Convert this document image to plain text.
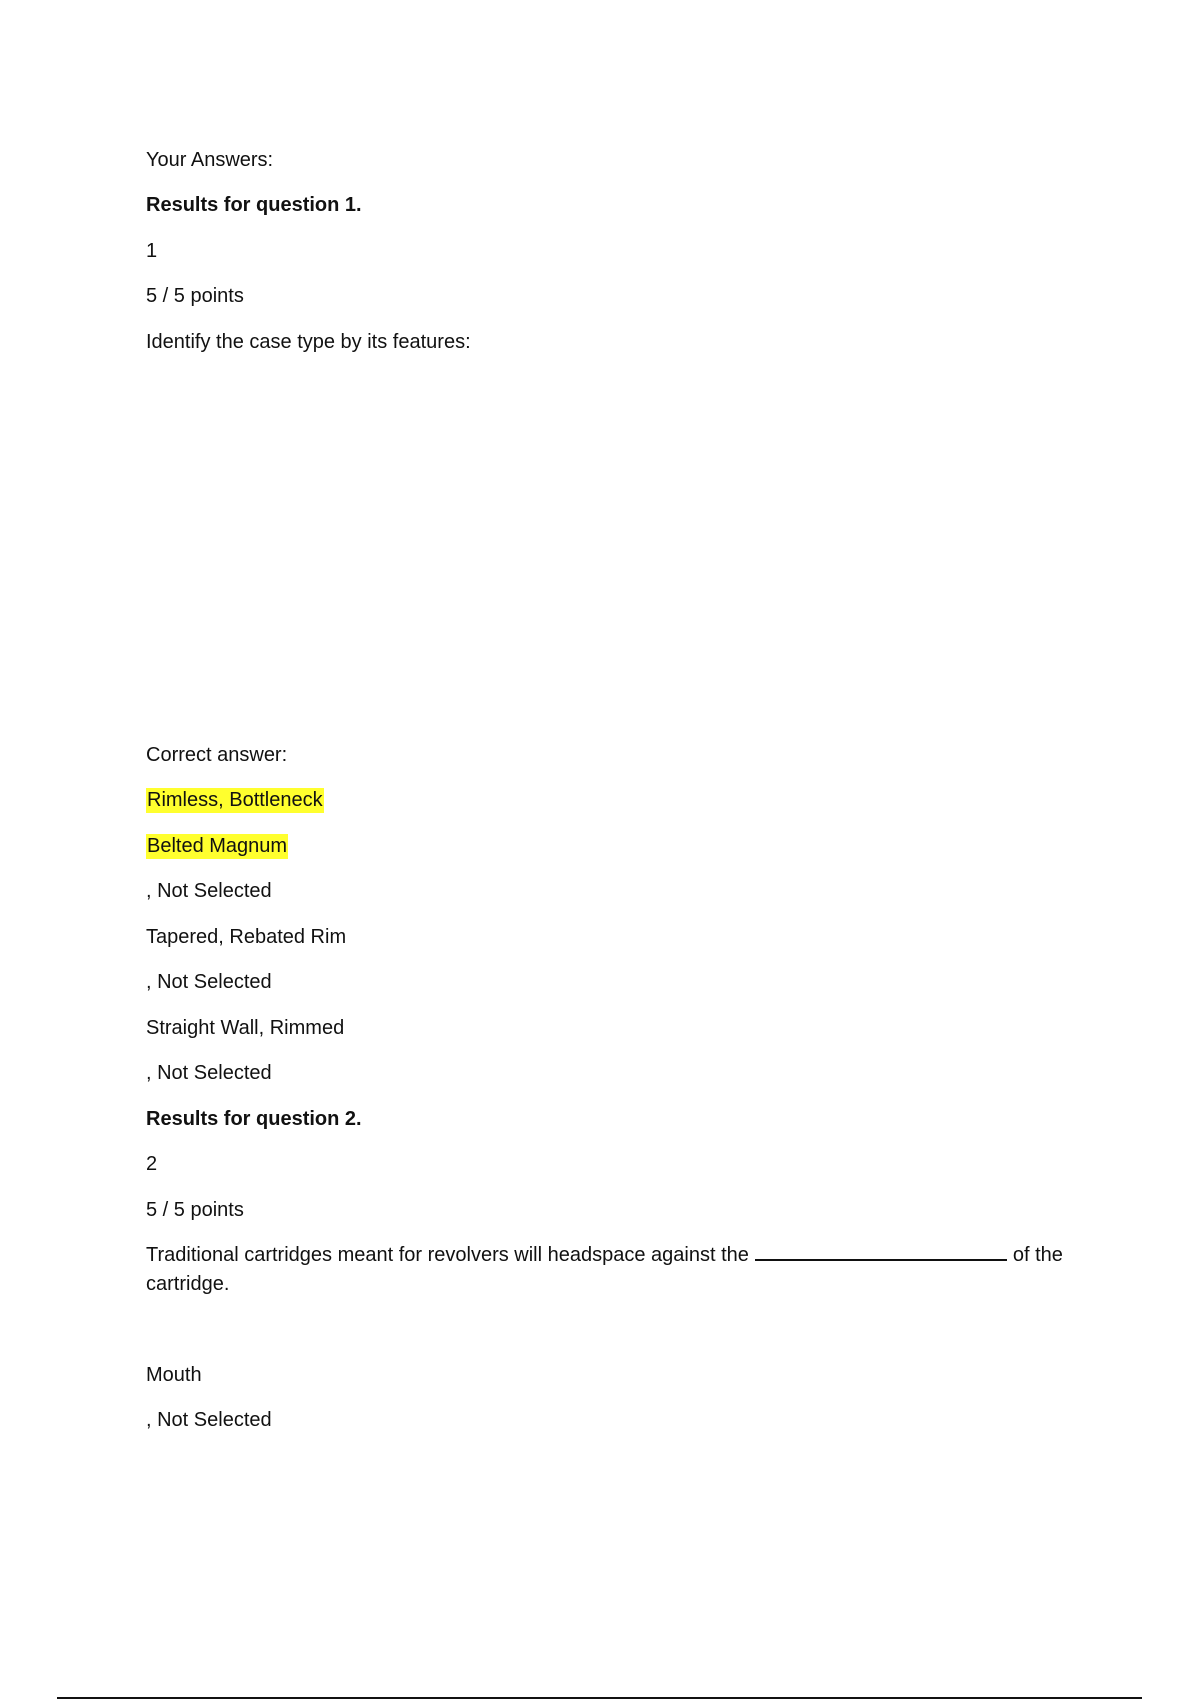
Your Answers:
Results for question 1.
1
5 / 5 points
Identify the case type by its features:
Correct answer:
Rimless, Bottleneck
Belted Magnum
, Not Selected
Tapered, Rebated Rim
, Not Selected
Straight Wall, Rimmed
, Not Selected
Results for question 2.
2
5 / 5 points
Traditional cartridges meant for revolvers will headspace against the	of the cartridge.
Mouth
, Not Selected
